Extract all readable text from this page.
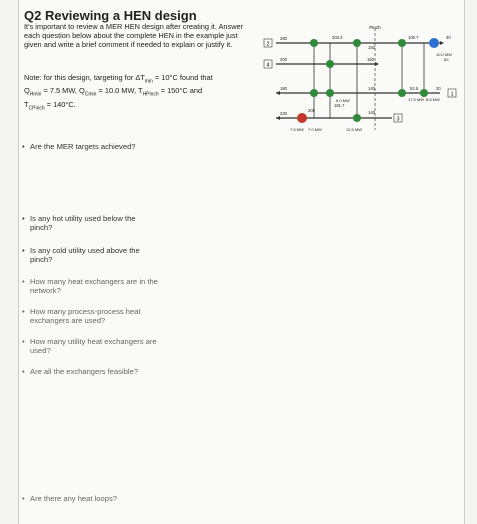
Q2 Reviewing a HEN design
It's important to review a MER HEN design after creating it. Answer each question below about the complete HEN in the example just given and write a brief comment if needed to explain or justify it.
Note: for this design, targeting for $\Delta T_{min} = 10^\circ C$ found that
$Q_{Hmin} = 7.5$ MW, $Q_{Cmin} = 10.0$ MW, $T_{HPinch} = 150^\circ C$ and
$T_{CPinch} = 140^\circ C$.
Pinch
2
4
1
3
280	203.3
150
100.7	40
200	150
180	140	52.5	20
230
205
181.7
140
10.0 MW
80
8.0 MW	17.5 MW 8.8 MW
7.5 MW 7.0 MW	12.5 MW
• Are the MER targets achieved?
• Is any hot utility used below the pinch?
• Is any cold utility used above the pinch?
• How many heat exchangers are in the network?
• How many process-process heat exchangers are used?
• How many utility heat exchangers are used?
• Are all the exchangers feasible?
• Are there any heat loops?
